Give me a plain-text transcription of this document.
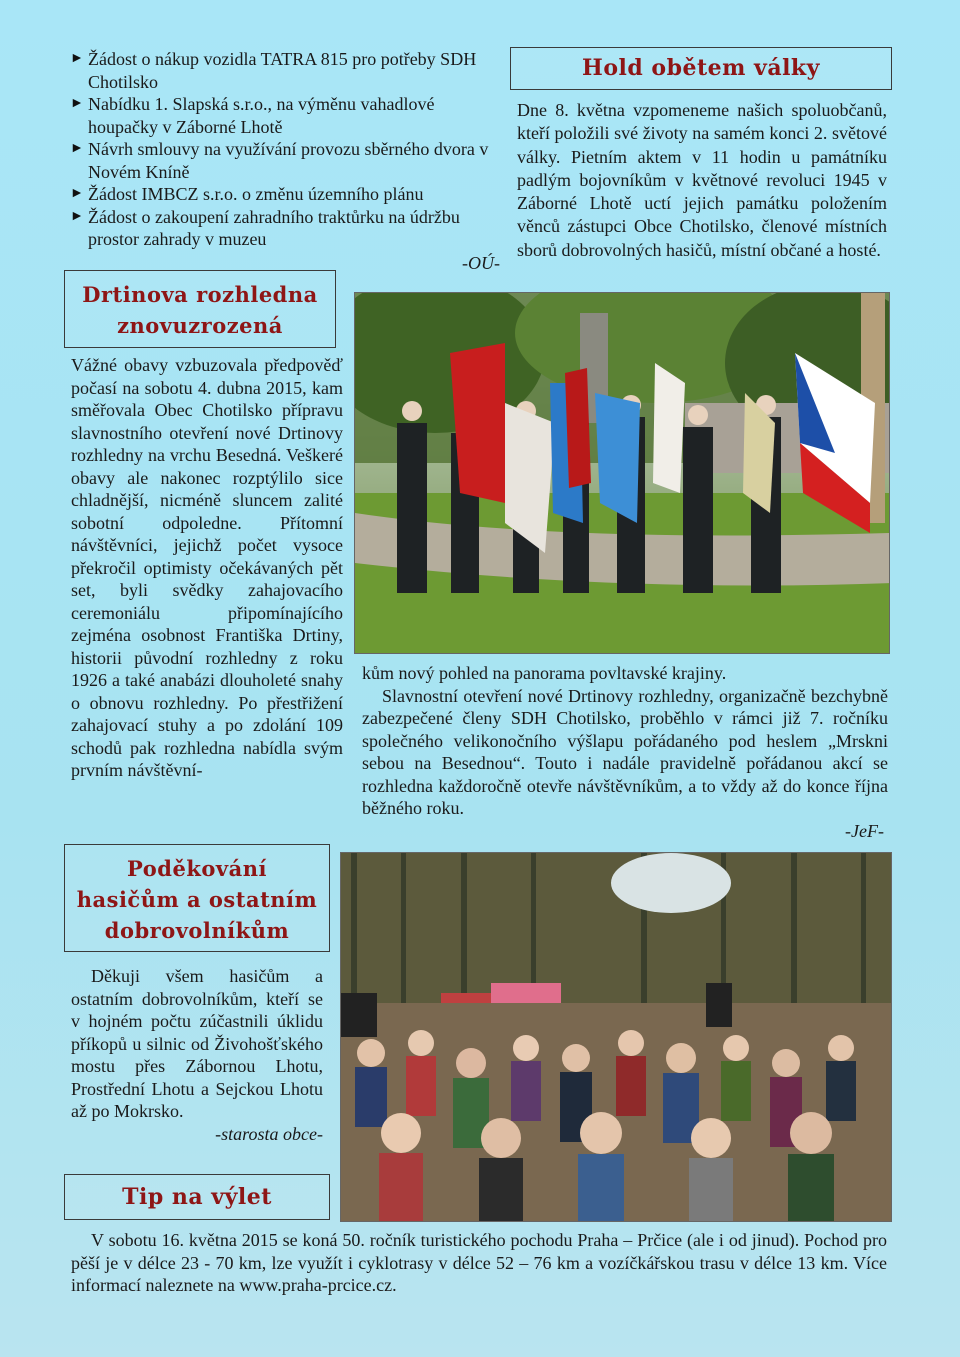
► Žádost o nákup vozidla TATRA 815 pro potřeby SDH Chotilsko
► Nabídku 1. Slapská s.r.o., na výměnu vahadlové houpačky v Záborné Lhotě
► Návrh smlouvy na využívání provozu sběrného dvora v Novém Kníně
► Žádost IMBCZ s.r.o. o změnu územního plánu
► Žádost o zakoupení zahradního traktůrku na údržbu prostor zahrady v muzeu
-OÚ-
Hold obětem války
Dne 8. května vzpomeneme našich spoluobčanů, kteří položili své životy na samém konci 2. světové války. Pietním aktem v 11 hodin u památníku padlým bojovníkům v květnové revoluci 1945 v Záborné Lhotě uctí jejich památku položením věnců zástupci Obce Chotilsko, členové místních sborů dobrovolných hasičů, místní občané a hosté.
Drtinova rozhledna
znovuzrozená
Vážné obavy vzbuzovala předpověď počasí na sobotu 4. dubna 2015, kam směřovala Obec Chotilsko přípravu slavnostního otevření nové Drtinovy rozhledny na vrchu Besedná. Veškeré obavy ale nakonec rozptýlilo sice chladnější, nicméně sluncem zalité sobotní odpoledne. Přítomní návštěvníci, jejichž počet vysoce překročil optimisty očekávaných pět set, byli svědky zahajovacího ceremoniálu připomínajícího zejména osobnost Františka Drtiny, historii původní rozhledny z roku 1926 a také anabázi dlouholeté snahy o obnovu rozhledny. Po přestřižení zahajovací stuhy a po zdolání 109 schodů pak rozhledna nabídla svým prvním návštěvní-

kům nový pohled na panorama povltavské krajiny.

Slavnostní otevření nové Drtinovy rozhledny, organizačně bezchybně zabezpečené členy SDH Chotilsko, proběhlo v rámci již 7. ročníku společného velikonočního výšlapu pořádaného pod heslem „Mrskni sebou na Besednou“. Touto i nadále pravidelně pořádanou akcí se rozhledna každoročně otevře návštěvníkům, a to vždy až do konce října běžného roku.

-JeF-

Poděkování
hasičům a ostatním
dobrovolníkům

Děkuji všem hasičům a ostatním dobrovolníkům, kteří se v hojném počtu zúčastnili úklidu příkopů u silnic od Živohošťského mostu přes Zábornou Lhotu, Prostřední Lhotu a Sejckou Lhotu až po Mokrsko.

-starosta obce-

Tip na výlet
V sobotu 16. května 2015 se koná 50. ročník turistického pochodu Praha – Prčice (ale i od jinud). Pochod pro pěší je v délce 23 - 70 km, lze využít i cyklotrasy v délce 52 – 76 km a vozíčkářskou trasu v délce 13 km. Více informací naleznete na www.praha-prcice.cz.
